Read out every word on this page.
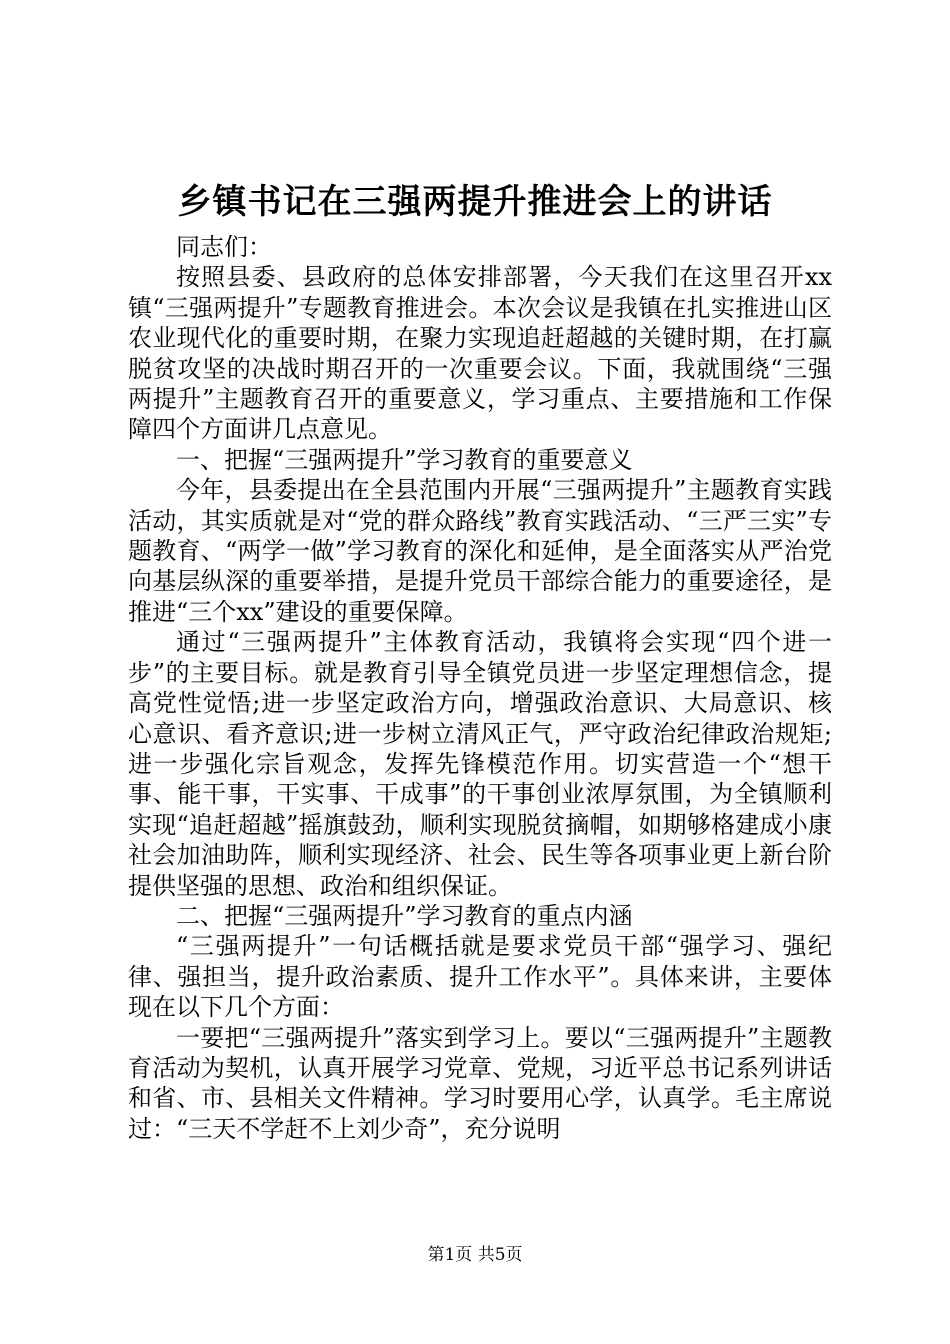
乡镇书记在三强两提升推进会上的讲话

同志们：

按照县委、县政府的总体安排部署，今天我们在这里召开xx镇“三强两提升”专题教育推进会。本次会议是我镇在扎实推进山区农业现代化的重要时期，在聚力实现追赶超越的关键时期，在打赢脱贫攻坚的决战时期召开的一次重要会议。下面，我就围绕“三强两提升”主题教育召开的重要意义，学习重点、主要措施和工作保障四个方面讲几点意见。

一、把握“三强两提升”学习教育的重要意义

今年，县委提出在全县范围内开展“三强两提升”主题教育实践活动，其实质就是对“党的群众路线”教育实践活动、“三严三实”专题教育、“两学一做”学习教育的深化和延伸，是全面落实从严治党向基层纵深的重要举措，是提升党员干部综合能力的重要途径，是推进“三个xx”建设的重要保障。

通过“三强两提升”主体教育活动，我镇将会实现“四个进一步”的主要目标。就是教育引导全镇党员进一步坚定理想信念，提高党性觉悟;进一步坚定政治方向，增强政治意识、大局意识、核心意识、看齐意识;进一步树立清风正气，严守政治纪律政治规矩;进一步强化宗旨观念，发挥先锋模范作用。切实营造一个“想干事、能干事，干实事、干成事”的干事创业浓厚氛围，为全镇顺利实现“追赶超越”摇旗鼓劲，顺利实现脱贫摘帽，如期够格建成小康社会加油助阵，顺利实现经济、社会、民生等各项事业更上新台阶提供坚强的思想、政治和组织保证。

二、把握“三强两提升”学习教育的重点内涵

“三强两提升”一句话概括就是要求党员干部“强学习、强纪律、强担当，提升政治素质、提升工作水平”。具体来讲，主要体现在以下几个方面：

一要把“三强两提升”落实到学习上。要以“三强两提升”主题教育活动为契机，认真开展学习党章、党规，习近平总书记系列讲话和省、市、县相关文件精神。学习时要用心学，认真学。毛主席说过：“三天不学赶不上刘少奇”，充分说明

第1页 共5页
